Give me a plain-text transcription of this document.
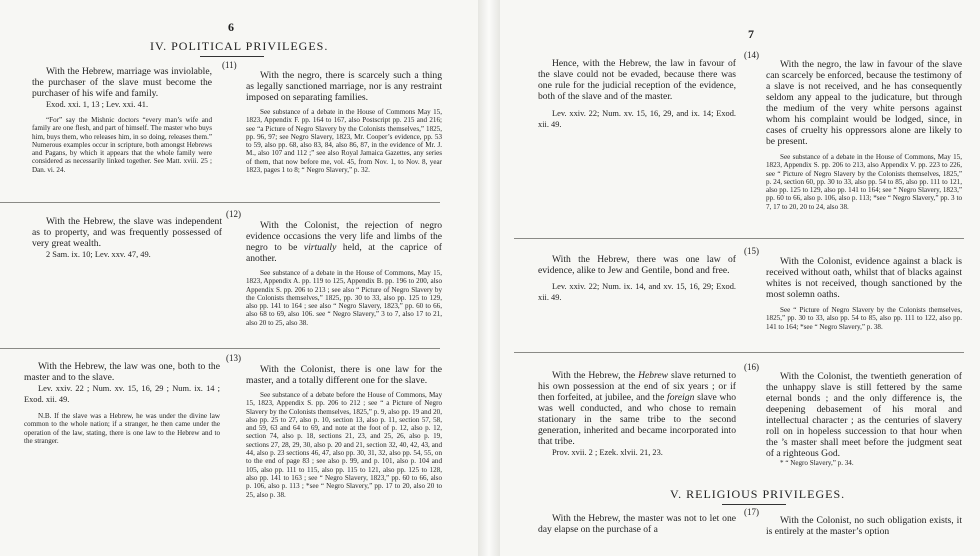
6
IV. POLITICAL PRIVILEGES.
(11)

With the Hebrew, marriage was inviolable, the purchaser of the slave must become the purchaser of his wife and family.

Exod. xxi. 1, 13 ; Lev. xxi. 41.

“For” say the Mishnic doctors “every man’s wife and family are one flesh, and part of himself. The master who buys him, buys them, who releases him, in so doing, releases them.” Numerous examples occur in scripture, both amongst Hebrews and Pagans, by which it appears that the whole family were considered as necessarily linked together. See Matt. xviii. 25 ; Dan. vi. 24.

With the negro, there is scarcely such a thing as legally sanctioned marriage, nor is any restraint imposed on separating families.

See substance of a debate in the House of Commons May 15, 1823, Appendix F. pp. 164 to 167, also Postscript pp. 215 and 216; see “a Picture of Negro Slavery by the Colonists themselves,” 1825, pp. 96, 97; see Negro Slavery, 1823, Mr. Cooper’s evidence, pp. 53 to 59, also pp. 68, also 83, 84, also 86, 87, in the evidence of Mr. J. M., also 107 and 112 ;” see also Royal Jamaica Gazettes, any series of them, that now before me, vol. 45, from Nov. 1, to Nov. 8, year 1823, pages 1 to 8; “ Negro Slavery,” p. 32.

(12)

With the Hebrew, the slave was independent as to property, and was frequently possessed of very great wealth.

2 Sam. ix. 10; Lev. xxv. 47, 49.

With the Colonist, the rejection of negro evidence occasions the very life and limbs of the negro to be virtually held, at the caprice of another.

See substance of a debate in the House of Commons, May 15, 1823, Appendix A. pp. 119 to 125, Appendix B. pp. 196 to 200, also Appendix S. pp. 206 to 213 ; see also “ Picture of Negro Slavery by the Colonists themselves,” 1825, pp. 30 to 33, also pp. 125 to 129, also pp. 141 to 164 ; see also “ Negro Slavery, 1823,” pp. 60 to 66, also 68 to 69, also 106. see “ Negro Slavery,” 3 to 7, also 17 to 21, also 20 to 25, also 38.

(13)

With the Hebrew, the law was one, both to the master and to the slave.

Lev. xxiv. 22 ; Num. xv. 15, 16, 29 ; Num. ix. 14 ; Exod. xii. 49.

N.B. If the slave was a Hebrew, he was under the divine law common to the whole nation; if a stranger, he then came under the operation of the law, stating, there is one law to the Hebrew and to the stranger.

With the Colonist, there is one law for the master, and a totally different one for the slave.

See substance of a debate before the House of Commons, May 15, 1823, Appendix S. pp. 206 to 212 ; see “ a Picture of Negro Slavery by the Colonists themselves, 1825,” p. 9, also pp. 19 and 20, also pp. 25 to 27, also p. 10, section 13, also p. 11, section 57, 58, and 59, 63 and 64 to 69, and note at the foot of p. 12, also p. 12, section 74, also p. 18, sections 21, 23, and 25, 26, also p. 19, sections 27, 28, 29, 30, also p. 20 and 21, section 32, 40, 42, 43, and 44, also p. 23 sections 46, 47, also pp. 30, 31, 32, also pp. 54, 55, on to the end of page 83 ; see also p. 99, and p. 101, also p. 104 and 105, also pp. 111 to 115, also pp. 115 to 121, also pp. 125 to 128, also pp. 141 to 163 ; see “ Negro Slavery, 1823,” pp. 60 to 66, also p. 106, also p. 113 ; *see “ Negro Slavery,” pp. 17 to 20, also 20 to 25, also p. 38.

7
(14)

Hence, with the Hebrew, the law in favour of the slave could not be evaded, because there was one rule for the judicial reception of the evidence, both of the slave and of the master.

Lev. xxiv. 22; Num. xv. 15, 16, 29, and ix. 14; Exod. xii. 49.

With the negro, the law in favour of the slave can scarcely be enforced, because the testimony of a slave is not received, and he has consequently seldom any appeal to the judicature, but through the medium of the very white persons against whom his complaint would be lodged, since, in cases of cruelty his oppressors alone are likely to be present.

See substance of a debate in the House of Commons, May 15, 1823, Appendix S. pp. 206 to 213, also Appendix V. pp. 223 to 226, see “ Picture of Negro Slavery by the Colonists themselves, 1825,” p. 24, section 60, pp. 30 to 33, also pp. 54 to 85, also pp. 111 to 121, also pp. 125 to 129, also pp. 141 to 164; see “ Negro Slavery, 1823,” pp. 60 to 66, also p. 106, also p. 113; *see “ Negro Slavery,” pp. 3 to 7, 17 to 20, 20 to 24, also 38.

(15)

With the Hebrew, there was one law of evidence, alike to Jew and Gentile, bond and free.

Lev. xxiv. 22; Num. ix. 14, and xv. 15, 16, 29; Exod. xii. 49.

With the Colonist, evidence against a black is received without oath, whilst that of blacks against whites is not received, though sanctioned by the most solemn oaths.

See “ Picture of Negro Slavery by the Colonists themselves, 1825,” pp. 30 to 33, also pp. 54 to 85, also pp. 111 to 122, also pp. 141 to 164; *see “ Negro Slavery,” p. 38.

(16)

With the Hebrew, the Hebrew slave returned to his own possession at the end of six years ; or if then forfeited, at jubilee, and the foreign slave who was well conducted, and who chose to remain stationary in the same tribe to the second generation, inherited and became incorporated into that tribe.

Prov. xvii. 2 ; Ezek. xlvii. 21, 23.

With the Colonist, the twentieth generation of the unhappy slave is still fettered by the same eternal bonds ; and the only difference is, the deepening debasement of his moral and intellectual character ; as the centuries of slavery roll on in hopeless succession to that hour when the ’s master shall meet before the judgment seat of a righteous God.

* “ Negro Slavery,” p. 34.

V. RELIGIOUS PRIVILEGES.
(17)

With the Hebrew, the master was not to let one day elapse on the purchase of a

With the Colonist, no such obligation exists, it is entirely at the master’s option
